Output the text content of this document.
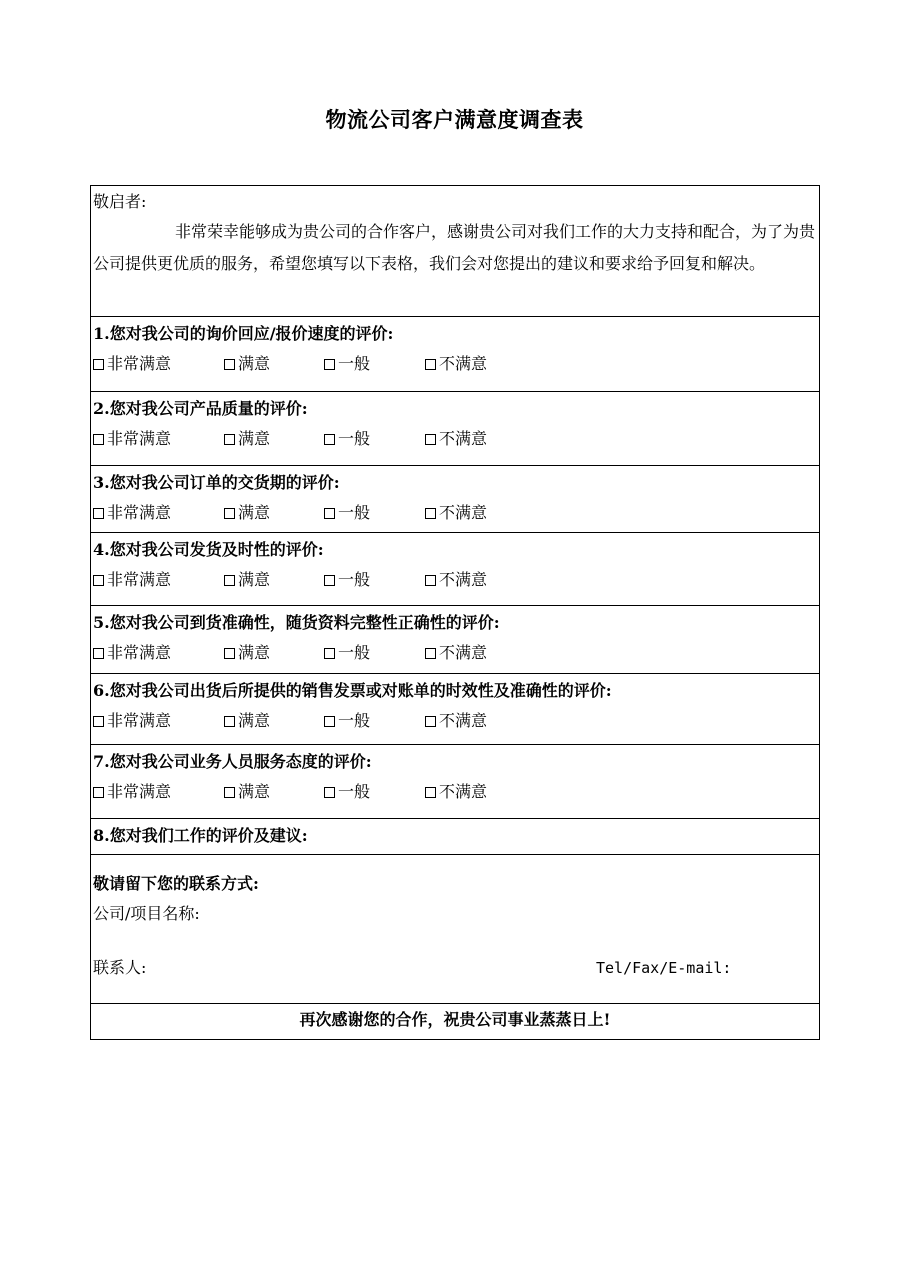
物流公司客户满意度调查表
敬启者:
非常荣幸能够成为贵公司的合作客户，感谢贵公司对我们工作的大力支持和配合，为了为贵公司提供更优质的服务，希望您填写以下表格，我们会对您提出的建议和要求给予回复和解决。
1.您对我公司的询价回应/报价速度的评价:
非常满意	满意	一般	不满意
2.您对我公司产品质量的评价:
非常满意	满意	一般	不满意
3.您对我公司订单的交货期的评价:
非常满意	满意	一般	不满意
4.您对我公司发货及时性的评价:
非常满意	满意	一般	不满意
5.您对我公司到货准确性，随货资料完整性正确性的评价:
非常满意	满意	一般	不满意
6.您对我公司出货后所提供的销售发票或对账单的时效性及准确性的评价:
非常满意	满意	一般	不满意
7.您对我公司业务人员服务态度的评价:
非常满意	满意	一般	不满意
8.您对我们工作的评价及建议:
敬请留下您的联系方式:
公司/项目名称:
联系人:	Tel/Fax/E-mail:
再次感谢您的合作，祝贵公司事业蒸蒸日上!
